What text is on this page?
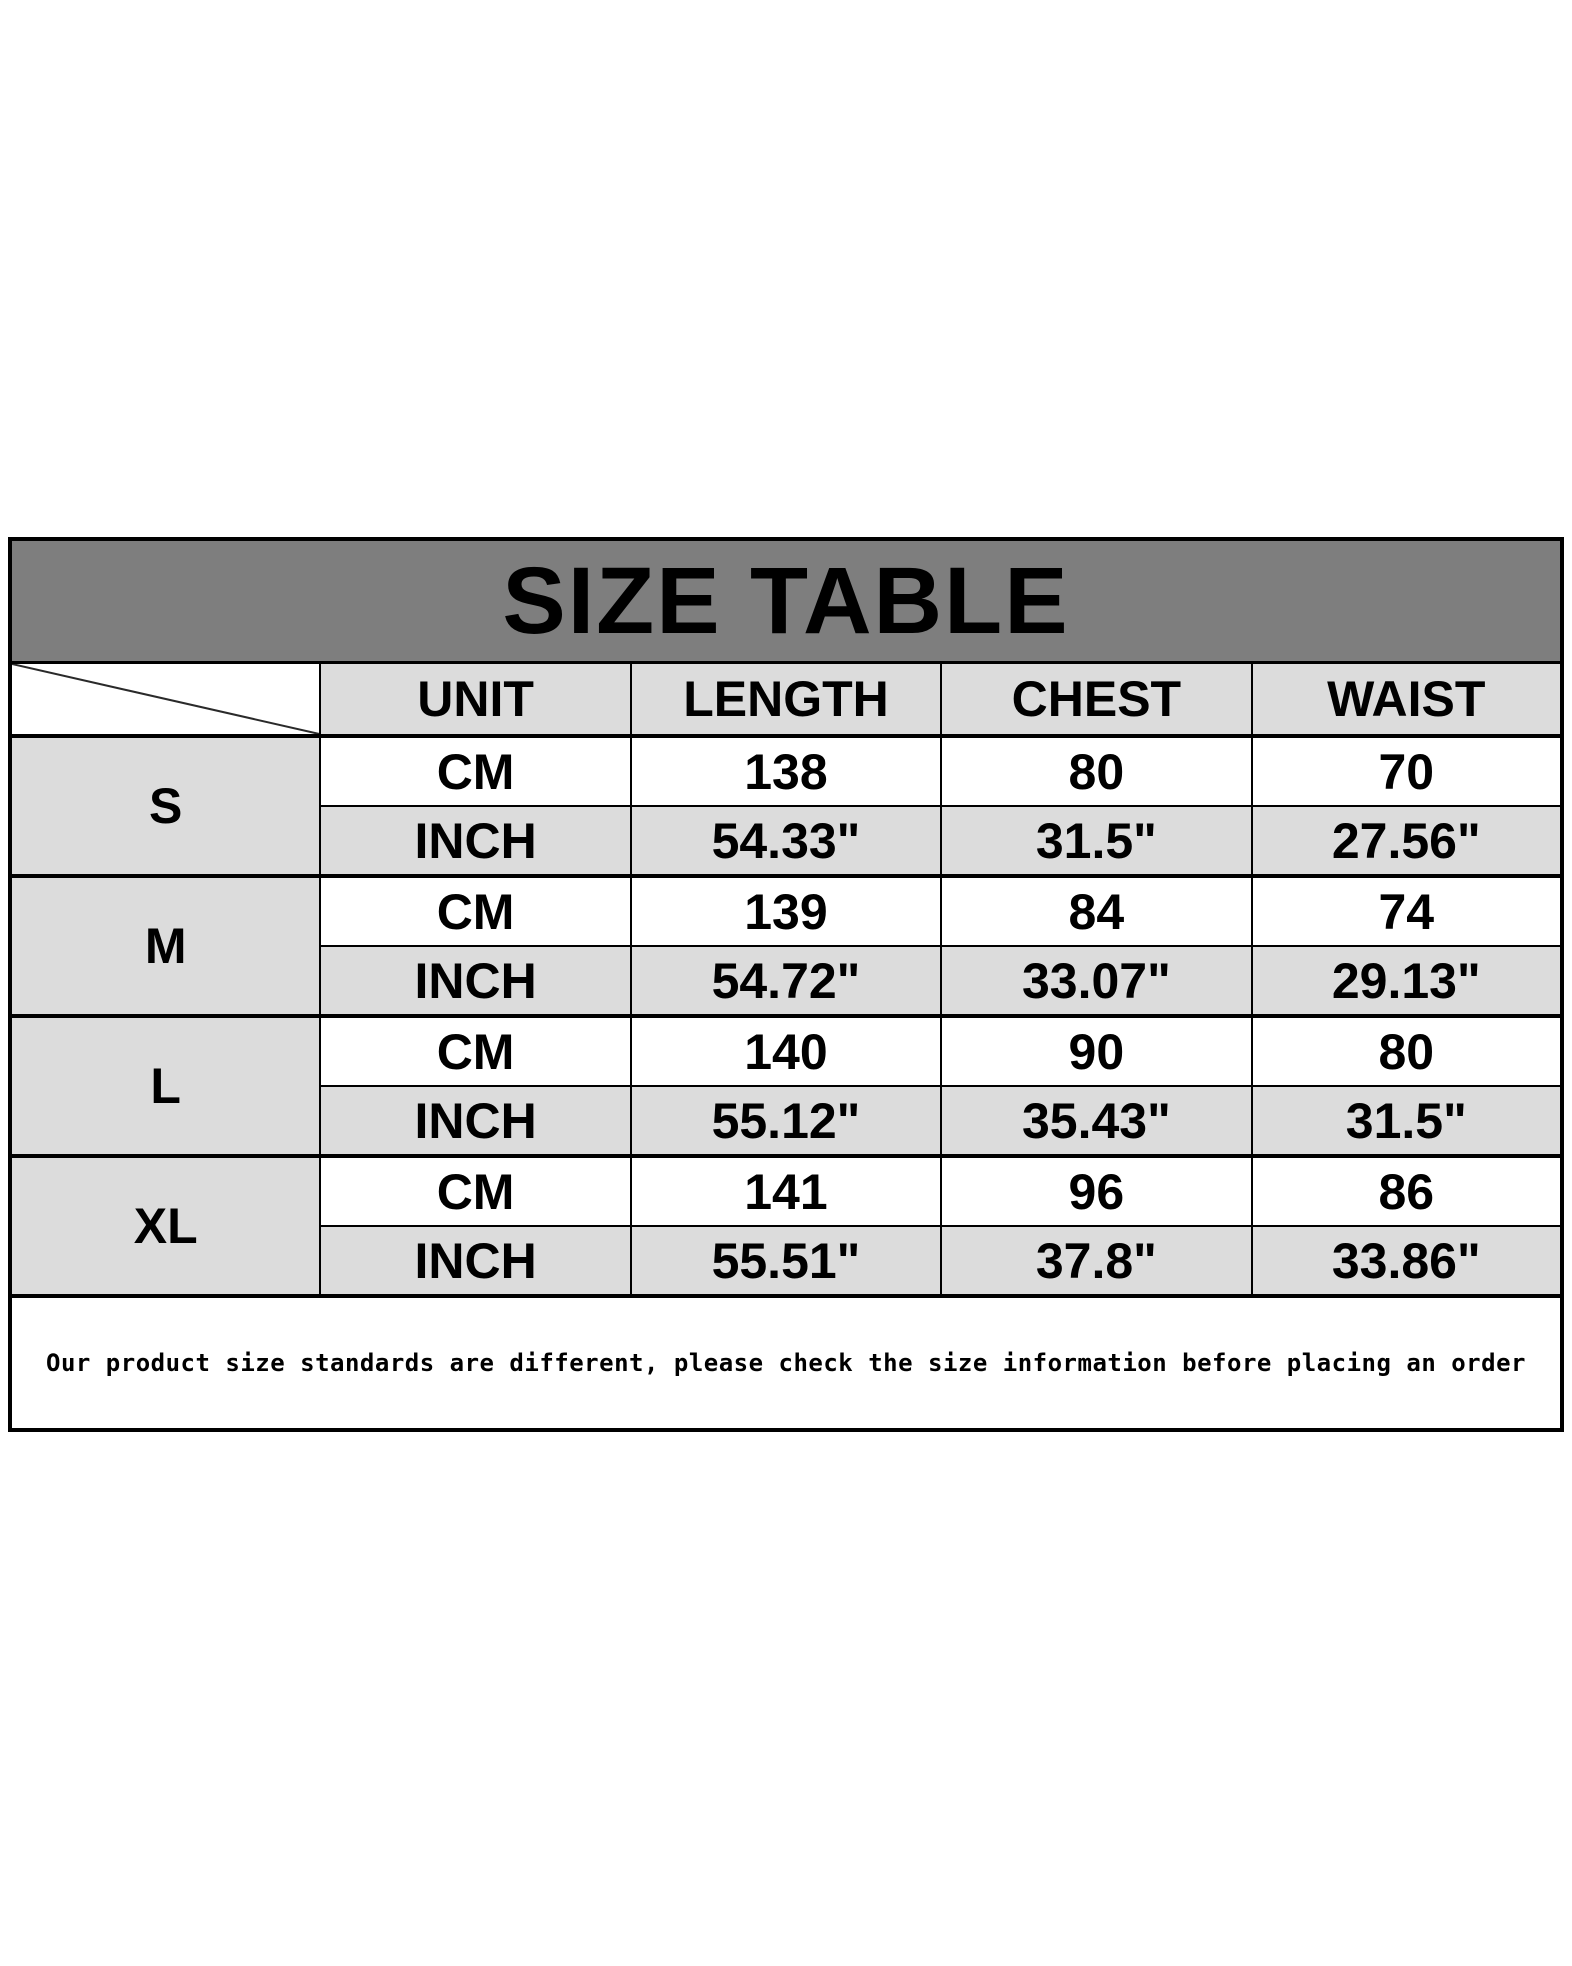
SIZE TABLE				

	UNIT	LENGTH	CHEST	WAIST
S	CM	138	80	70
	INCH	54.33"	31.5"	27.56"
M	CM	139	84	74
	INCH	54.72"	33.07"	29.13"
L	CM	140	90	80
	INCH	55.12"	35.43"	31.5"
XL	CM	141	96	86
	INCH	55.51"	37.8"	33.86"
Our product size standards are different, please check the size information before placing an order				
